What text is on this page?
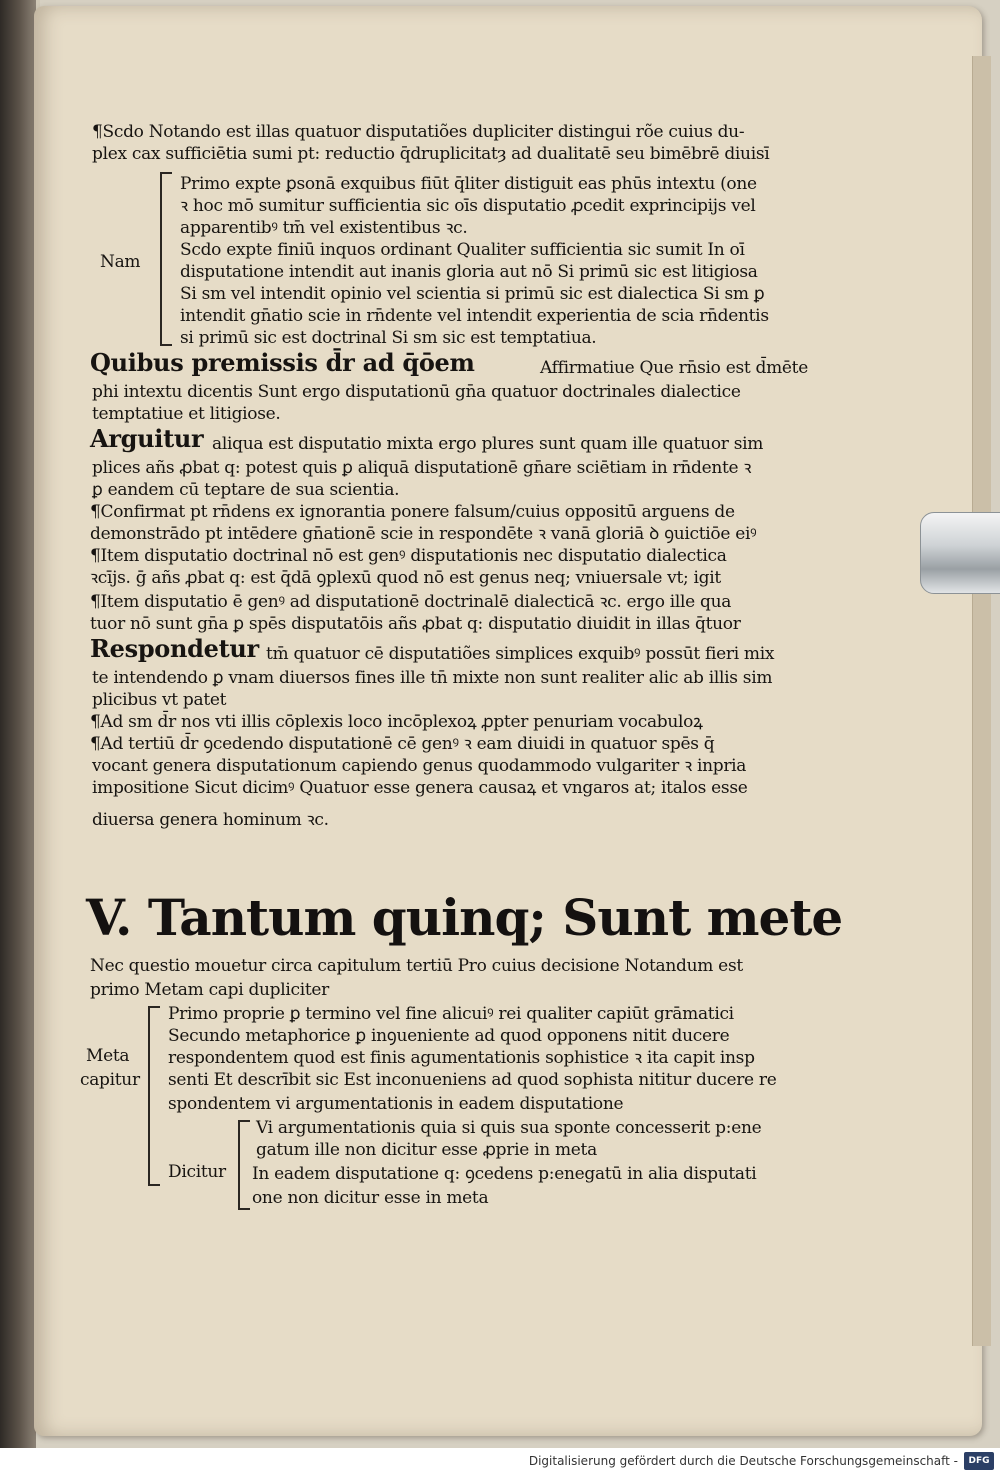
¶Scdo Notando est illas quatuor disputatiões dupliciter distingui rõe cuius du-
plex cax sufficiētia sumi pt: reductio q̄druplicitatȝ ad dualitatē seu bimēbrē diuisī
Nam
Primo expte ꝑsonā exquibus fiūt q̄liter distiguit eas phūs intextu (one
ꝛ hoc mō sumitur sufficientia sic oīs disputatio ꝓcedit exprincipijs vel
apparentibꝰ tm̄ vel existentibus ꝛc.
Scdo expte finiū inquos ordinant Qualiter sufficientia sic sumit In oī
disputatione intendit aut inanis gloria aut nō Si primū sic est litigiosa
Si sm vel intendit opinio vel scientia si primū sic est dialectica Si sm ꝑ
intendit gn̄atio scie in rn̄dente vel intendit experientia de scia rn̄dentis
si primū sic est doctrinal Si sm sic est temptatiua.
Quibus premissis d̄r ad q̄ōem	Affirmatiue Que rn̄sio est d̄mēte
phi intextu dicentis Sunt ergo disputationū gn̄a quatuor doctrinales dialectice
temptatiue et litigiose.
Arguitur aliqua est disputatio mixta ergo plures sunt quam ille quatuor sim
plices añs ꝓbat q: potest quis ꝑ aliquā disputationē gn̄are sciētiam in rn̄dente ꝛ
ꝑ eandem cū teptare de sua scientia.
¶Confirmat pt rn̄dens ex ignorantia ponere falsum/cuius oppositū arguens de
demonstrādo pt intēdere gn̄ationē scie in respondēte ꝛ vanā gloriā ꝺ ꝯuictiōe eiꝰ
¶Item disputatio doctrinal nō est genꝰ disputationis nec disputatio dialectica
ꝛcījs. ḡ añs ꝓbat q: est q̄dā ꝯplexū quod nō est genus neq; vniuersale vt; igit
¶Item disputatio ē genꝰ ad disputationē doctrinalē dialecticā ꝛc. ergo ille qua
tuor nō sunt gn̄a ꝑ spēs disputatōis añs ꝓbat q: disputatio diuidit in illas q̄tuor
Respondetur tm̄ quatuor cē disputatiões simplices exquibꝰ possūt fieri mix
te intendendo ꝑ vnam diuersos fines ille tn̄ mixte non sunt realiter alic ab illis sim
plicibus vt patet
¶Ad sm d̄r nos vti illis cōplexis loco incōplexoꝝ ꝓpter penuriam vocabuloꝝ
¶Ad tertiū d̄r ꝯcedendo disputationē cē genꝰ ꝛ eam diuidi in quatuor spēs q̄
vocant genera disputationum capiendo genus quodammodo vulgariter ꝛ inpria
impositione Sicut dicimꝰ Quatuor esse genera causaꝝ et vngaros at; italos esse
diuersa genera hominum ꝛc.
V. Tantum quinq; Sunt mete
Nec questio mouetur circa capitulum tertiū Pro cuius decisione Notandum est
primo Metam capi dupliciter
Meta
capitur
Primo proprie ꝑ termino vel fine alicuiꝰ rei qualiter capiūt grāmatici
Secundo metaphorice ꝑ inꝯueniente ad quod opponens nitit ducere
respondentem quod est finis agumentationis sophistice ꝛ ita capit insp
senti Et descrībit sic Est inconueniens ad quod sophista nititur ducere re
spondentem vi argumentationis in eadem disputatione
Vi argumentationis quia si quis sua sponte concesserit p:ene
gatum ille non dicitur esse ꝓprie in meta
Dicitur In eadem disputatione q: ꝯcedens p:enegatū in alia disputati
one non dicitur esse in meta
Digitalisierung gefördert durch die Deutsche Forschungsgemeinschaft -	DFG
